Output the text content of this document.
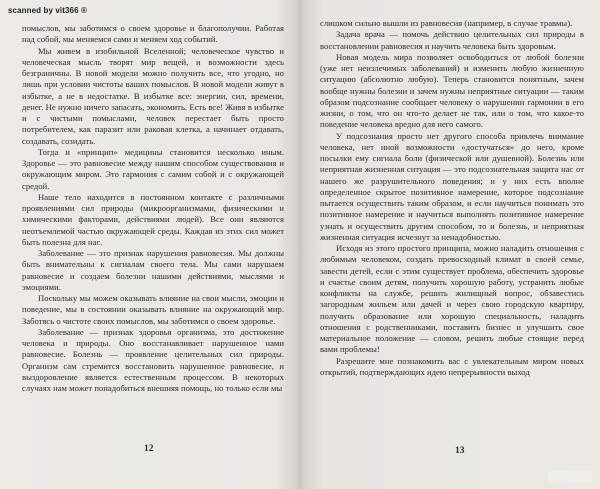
scanned by vit366 ®

помыслов, мы заботимся о своем здоровье и благополучии. Работая над собой, мы меняемся сами и меняем ход событий.

Мы живем в изобильной Вселенной; человеческое чувство и человеческая мысль творят мир вещей, и возможности здесь безграничны. В новой модели можно получить все, что угодно, но лишь при условии чистоты ваших помыслов. В новой модели живут в избытке, а не в недостатке. В избытке все: энергии, сил, времени, денег. Не нужно ничего запасать, экономить. Есть все! Живя в избытке и с чистыми помыслами, человек перестает быть просто потребителем, как паразит или раковая клетка, а начинает отдавать, создавать, созидать.

Тогда и «принцип» медицины становится несколько иным. Здоровье — это равновесие между нашим способом существования и окружающим миром. Это гармония с самим собой и с окружающей средой.

Наше тело находится в постоянном контакте с различными проявлениями сил природы (микроорганизмами, физическими и химическими факторами, действиями людей). Все они являются неотъемлемой частью окружающей среды. Каждая из этих сил может быть полезна для нас.

Заболевание — это признак нарушения равновесия. Мы должны быть внимательны к сигналам своего тела. Мы сами нарушаем равновесие и создаем болезни нашими действиями, мыслями и эмоциями.

Поскольку мы можем оказывать влияние на свои мысли, эмоции и поведение, мы в состоянии оказывать влияние на окружающий мир. Заботясь о чистоте своих помыслов, мы заботимся о своем здоровье.

Заболевание — признак здоровья организма, это достижение человека и природы. Оно восстанавливает нарушенное нами равновесие. Болезнь — проявление целительных сил природы. Организм сам стремится восстановить нарушенное равновесие, и выздоровление является естественным процессом. В некоторых случаях нам может понадобиться внешняя помощь, но только если мы

12

слишком сильно вышли из равновесия (например, в случае травмы).

Задача врача — помочь действию целительных сил природы в восстановлении равновесия и научить человека быть здоровым.

Новая модель мира позволяет освободиться от любой болезни (уже нет неизлечимых заболеваний) и изменить любую жизненную ситуацию (абсолютно любую). Теперь становится понятным, зачем вообще нужны болезни и зачем нужны неприятные ситуации — таким образом подсознание сообщает человеку о нарушении гармонии в его жизни, о том, что он что-то делает не так, или о том, что какое-то поведение человека вредно для него самого.

У подсознания просто нет другого способа привлечь внимание человека, нет иной возможности «достучаться» до него, кроме посылки ему сигнала боли (физической или душевной). Болезнь или неприятная жизненная ситуация — это подсознательная защита нас от нашего же разрушительного поведения; и у них есть вполне определенное скрытое позитивное намерение, которое подсознание пытается осуществить таким образом, и если научиться понимать это позитивное намерение и научиться выполнять позитивное намерение узнать и осуществить другим способом, то и болезнь, и неприятная жизненная ситуация исчезнут за ненадобностью.

Исходя из этого простого принципа, можно наладить отношения с любимым человеком, создать превосходный климат в своей семье, завести детей, если с этим существует проблема, обеспечить здоровье и счастье своим детям, получить хорошую работу, устранить любые конфликты на службе, решить жилищный вопрос, обзавестись загородным жильем или дачей и через свою городскую квартиру, получить образование или хорошую специальность, наладить отношения с родственниками, поставить бизнес и улучшить свое материальное положение — словом, решить любые стоящие перед вами проблемы!

Разрешите мне познакомить вас с увлекательным миром новых открытий, подтверждающих идею непрерывности выход

13
